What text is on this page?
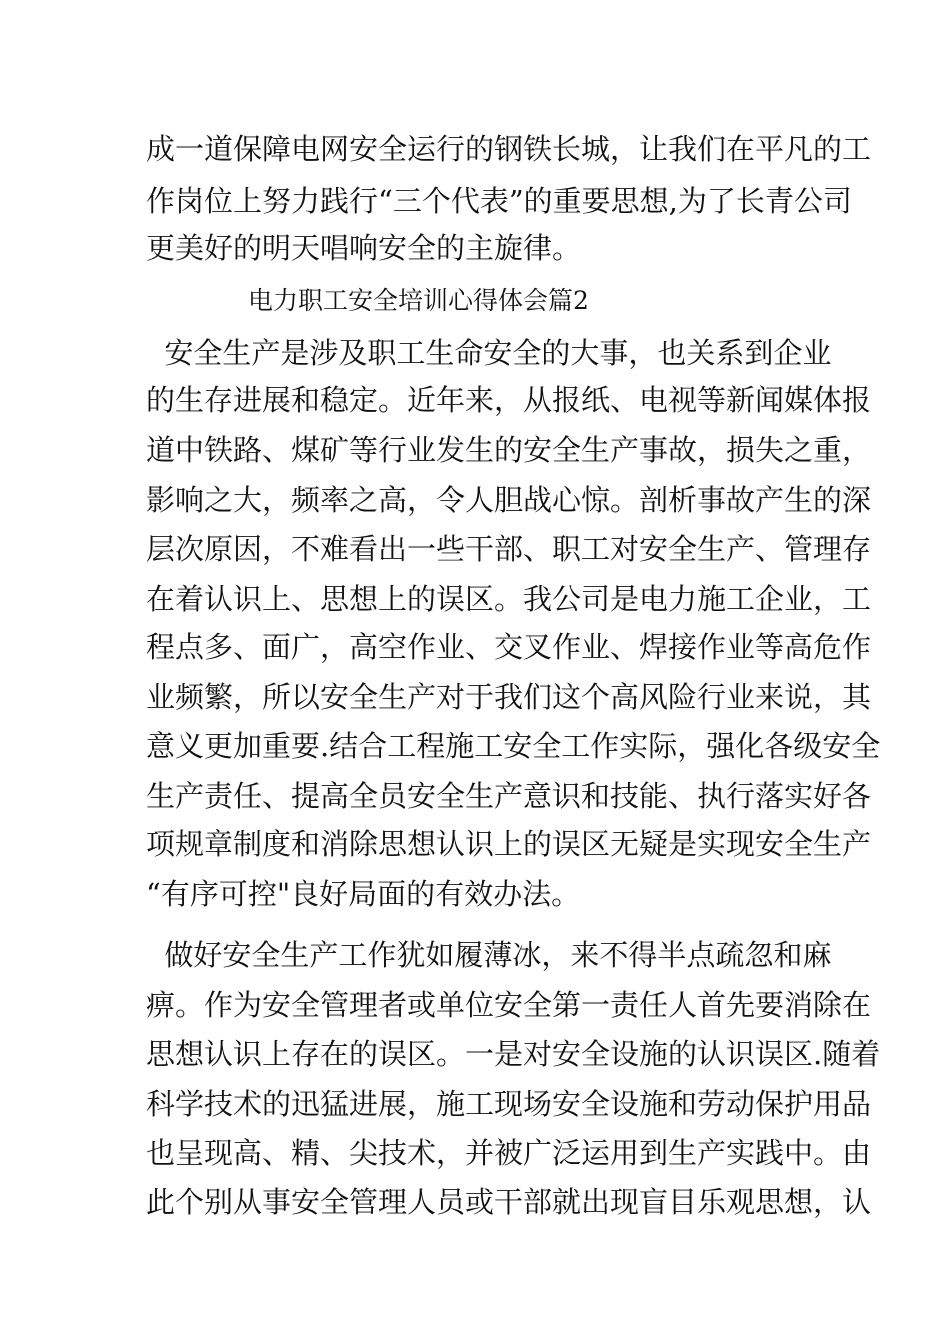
成一道保障电网安全运行的钢铁长城，让我们在平凡的工
作岗位上努力践行“三个代表”的重要思想,为了长青公司
更美好的明天唱响安全的主旋律。
电力职工安全培训心得体会篇2
安全生产是涉及职工生命安全的大事，也关系到企业
的生存进展和稳定。近年来，从报纸、电视等新闻媒体报
道中铁路、煤矿等行业发生的安全生产事故，损失之重，
影响之大，频率之高，令人胆战心惊。剖析事故产生的深
层次原因，不难看出一些干部、职工对安全生产、管理存
在着认识上、思想上的误区。我公司是电力施工企业，工
程点多、面广，高空作业、交叉作业、焊接作业等高危作
业频繁，所以安全生产对于我们这个高风险行业来说，其
意义更加重要.结合工程施工安全工作实际，强化各级安全
生产责任、提高全员安全生产意识和技能、执行落实好各
项规章制度和消除思想认识上的误区无疑是实现安全生产
“有序可控"良好局面的有效办法。
做好安全生产工作犹如履薄冰，来不得半点疏忽和麻
痹。作为安全管理者或单位安全第一责任人首先要消除在
思想认识上存在的误区。一是对安全设施的认识误区.随着
科学技术的迅猛进展，施工现场安全设施和劳动保护用品
也呈现高、精、尖技术，并被广泛运用到生产实践中。由
此个别从事安全管理人员或干部就出现盲目乐观思想，认
